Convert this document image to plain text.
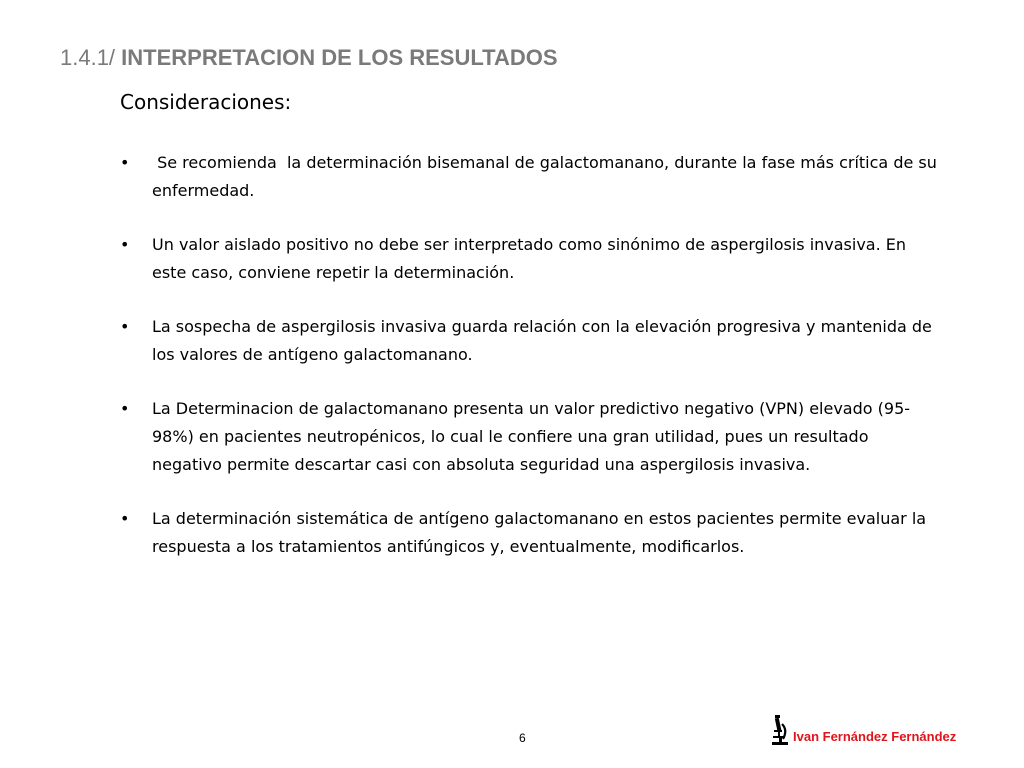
1.4.1/ INTERPRETACION DE LOS RESULTADOS

Consideraciones:

• Se recomienda  la determinación bisemanal de galactomanano, durante la fase más crítica de su enfermedad.
• Un valor aislado positivo no debe ser interpretado como sinónimo de aspergilosis invasiva. En este caso, conviene repetir la determinación.
• La sospecha de aspergilosis invasiva guarda relación con la elevación progresiva y mantenida de los valores de antígeno galactomanano.
• La Determinacion de galactomanano presenta un valor predictivo negativo (VPN) elevado (95-98%) en pacientes neutropénicos, lo cual le confiere una gran utilidad, pues un resultado negativo permite descartar casi con absoluta seguridad una aspergilosis invasiva.
• La determinación sistemática de antígeno galactomanano en estos pacientes permite evaluar la respuesta a los tratamientos antifúngicos y, eventualmente, modificarlos.
6	Ivan Fernández Fernández
